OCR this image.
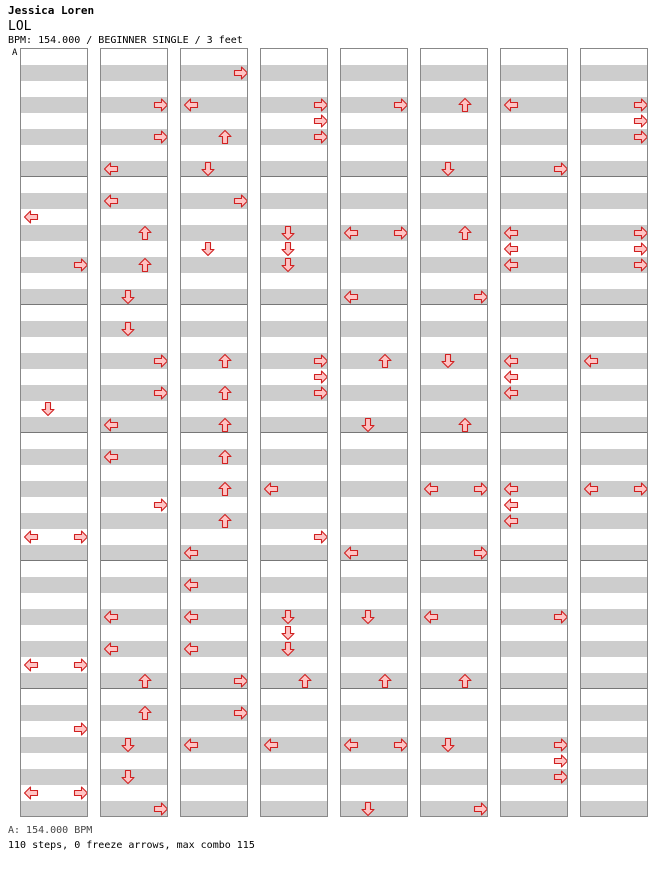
Jessica Loren
LOL
BPM: 154.000 / BEGINNER SINGLE / 3 feet
A
A: 154.000 BPM
110 steps, 0 freeze arrows, max combo 115
